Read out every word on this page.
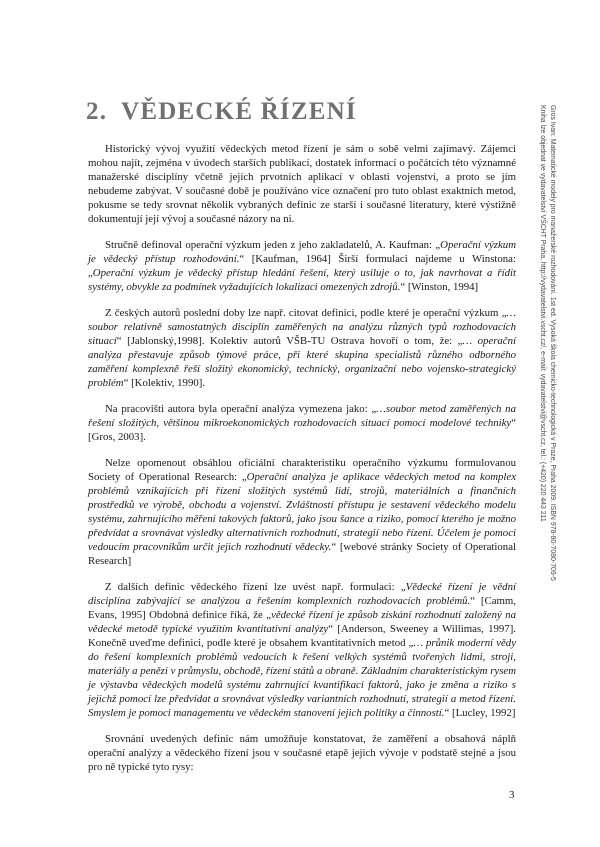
Gros Ivan: Matematické modely pro manažerské rozhodování. 1st ed. Vysoká škola chemicko-technologická v Praze, Praha 2009. ISBN 978-80-7080-709-5
Kniha lze objednat ve vydavatelství VŠCHT Praha, http://vydavatelstvi.vscht.cz/, e-mail: vydavatelstvi@vscht.cz, tel.: (+420) 220 443 211
2. VĚDECKÉ ŘÍZENÍ

Historický vývoj využití vědeckých metod řízení je sám o sobě velmi zajímavý. Zájemci mohou najít, zejména v úvodech starších publikací, dostatek informací o počátcích této významné manažerské disciplíny včetně jejích prvotních aplikací v oblasti vojenství, a proto se jím nebudeme zabývat. V současné době je používáno více označení pro tuto oblast exaktních metod, pokusme se tedy srovnat několik vybraných definic ze starší i současné literatury, které výstižně dokumentují její vývoj a současné názory na ni.

Stručně definoval operační výzkum jeden z jeho zakladatelů, A. Kaufman: „Operační výzkum je vědecký přístup rozhodování.“ [Kaufman, 1964] Širší formulaci najdeme u Winstona: „Operační výzkum je vědecký přístup hledání řešení, který usiluje o to, jak navrhovat a řídit systémy, obvykle za podmínek vyžadujících lokalizaci omezených zdrojů.“ [Winston, 1994]

Z českých autorů poslední doby lze např. citovat definici, podle které je operační výzkum „…soubor relativně samostatných disciplín zaměřených na analýzu různých typů rozhodovacích situací“ [Jablonský,1998]. Kolektiv autorů VŠB-TU Ostrava hovoří o tom, že: „… operační analýza přestavuje způsob týmové práce, při které skupina specialistů různého odborného zaměření komplexně řeší složitý ekonomický, technický, organizační nebo vojensko-strategický problém“ [Kolektiv, 1990].

Na pracovišti autora byla operační analýza vymezena jako: „…soubor metod zaměřených na řešení složitých, většinou mikroekonomických rozhodovacích situací pomocí modelové techniky“ [Gros, 2003].

Nelze opomenout obsáhlou oficiální charakteristiku operačního výzkumu formulovanou Society of Operational Research: „Operační analýza je aplikace vědeckých metod na komplex problémů vznikajících při řízení složitých systémů lidí, strojů, materiálních a finančních prostředků ve výrobě, obchodu a vojenství. Zvláštností přístupu je sestavení vědeckého modelu systému, zahrnujícího měření takových faktorů, jako jsou šance a riziko, pomocí kterého je možno předvídat a srovnávat výsledky alternativních rozhodnutí, strategií nebo řízení. Účelem je pomoci vedoucím pracovníkům určit jejich rozhodnutí vědecky.“ [webové stránky Society of Operational Research]

Z dalších definic vědeckého řízení lze uvést např. formulaci: „Vědecké řízení je vědní disciplína zabývající se analýzou a řešením komplexních rozhodovacích problémů.“ [Camm, Evans, 1995] Obdobná definice říká, že „vědecké řízení je způsob získání rozhodnutí založený na vědecké metodě typické využitím kvantitativní analýzy“ [Anderson, Sweeney a Willimas, 1997]. Konečně uveďme definici, podle které je obsahem kvantitativních metod „… průnik moderní vědy do řešení komplexních problémů vedoucích k řešení velkých systémů tvořených lidmi, stroji, materiály a penězi v průmyslu, obchodě, řízení států a obraně. Základním charakteristickým rysem je výstavba vědeckých modelů systému zahrnující kvantifikaci faktorů, jako je změna a riziko s jejichž pomocí lze předvídat a srovnávat výsledky variantních rozhodnutí, strategií a metod řízení. Smyslem je pomoci managementu ve vědeckém stanovení jejich politiky a činností.“ [Lucley, 1992]

Srovnání uvedených definic nám umožňuje konstatovat, že zaměření a obsahová náplň operační analýzy a vědeckého řízení jsou v současné etapě jejich vývoje v podstatě stejné a jsou pro ně typické tyto rysy:

3
